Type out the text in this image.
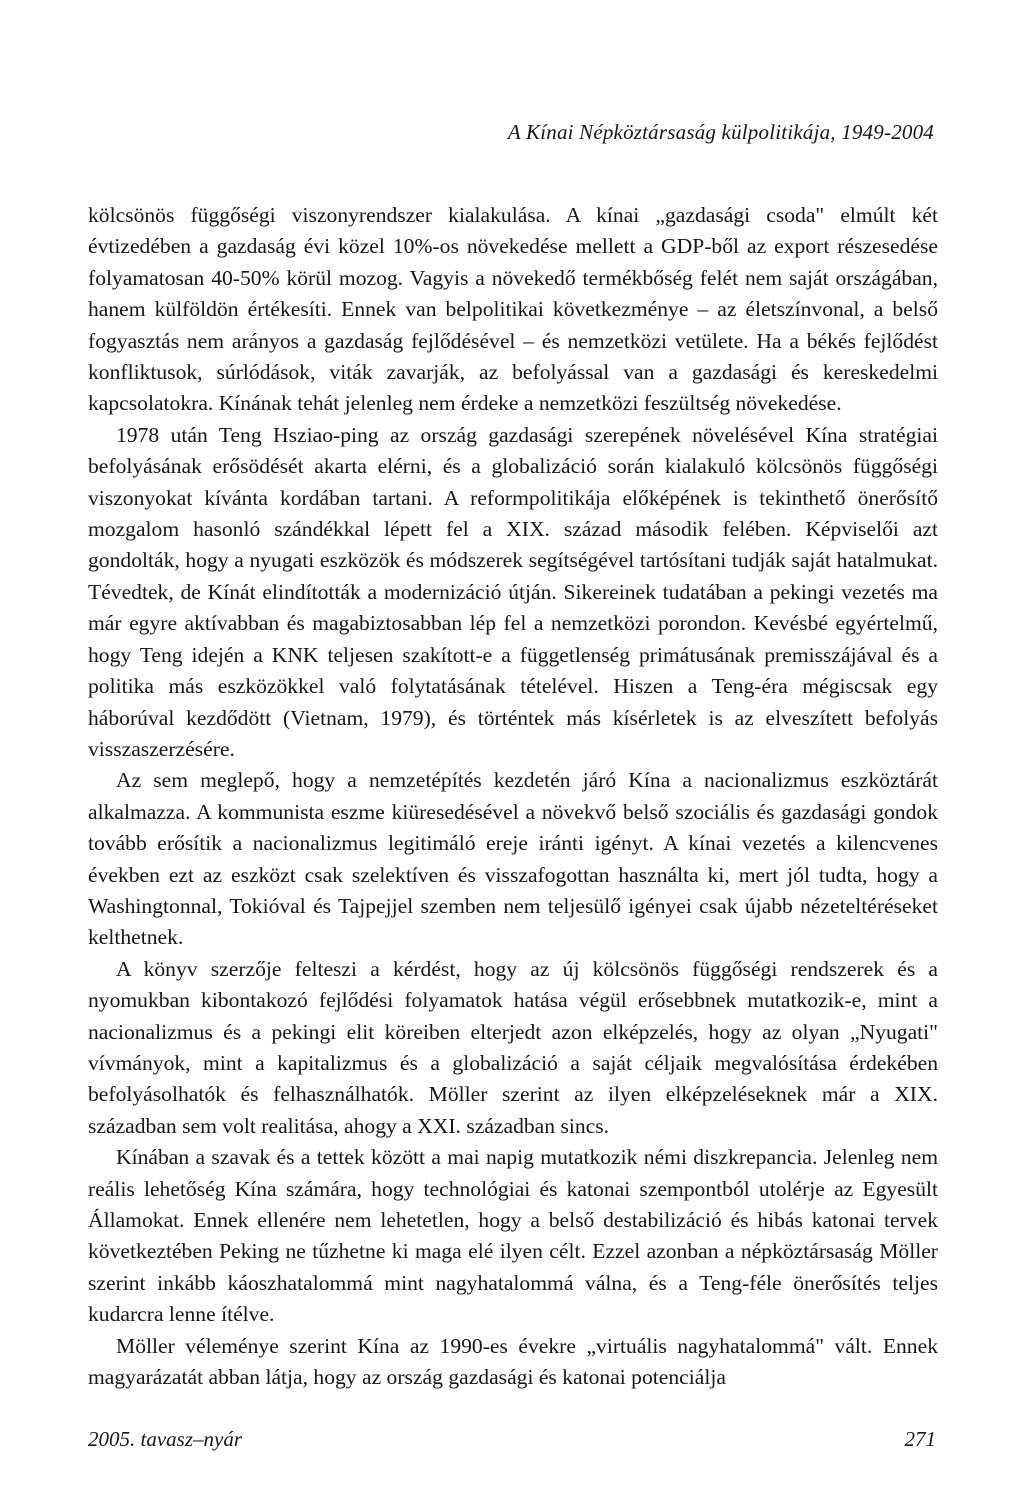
A Kínai Népköztársaság külpolitikája, 1949-2004

kölcsönös függőségi viszonyrendszer kialakulása. A kínai „gazdasági csoda" elmúlt két évtizedében a gazdaság évi közel 10%-os növekedése mellett a GDP-ből az export részesedése folyamatosan 40-50% körül mozog. Vagyis a növekedő termékbőség felét nem saját országában, hanem külföldön értékesíti. Ennek van belpolitikai következménye – az életszínvonal, a belső fogyasztás nem arányos a gazdaság fejlődésével – és nemzetközi vetülete. Ha a békés fejlődést konfliktusok, súrlódások, viták zavarják, az befolyással van a gazdasági és kereskedelmi kapcsolatokra. Kínának tehát jelenleg nem érdeke a nemzetközi feszültség növekedése.

1978 után Teng Hsziao-ping az ország gazdasági szerepének növelésével Kína stratégiai befolyásának erősödését akarta elérni, és a globalizáció során kialakuló kölcsönös függőségi viszonyokat kívánta kordában tartani. A reformpolitikája előképének is tekinthető önerősítő mozgalom hasonló szándékkal lépett fel a XIX. század második felében. Képviselői azt gondolták, hogy a nyugati eszközök és módszerek segítségével tartósítani tudják saját hatalmukat. Tévedtek, de Kínát elindították a modernizáció útján. Sikereinek tudatában a pekingi vezetés ma már egyre aktívabban és magabiztosabban lép fel a nemzetközi porondon. Kevésbé egyértelmű, hogy Teng idején a KNK teljesen szakított-e a függetlenség primátusának premisszájával és a politika más eszközökkel való folytatásának tételével. Hiszen a Teng-éra mégiscsak egy háborúval kezdődött (Vietnam, 1979), és történtek más kísérletek is az elveszített befolyás visszaszerzésére.

Az sem meglepő, hogy a nemzetépítés kezdetén járó Kína a nacionalizmus eszköztárát alkalmazza. A kommunista eszme kiüresedésével a növekvő belső szociális és gazdasági gondok tovább erősítik a nacionalizmus legitimáló ereje iránti igényt. A kínai vezetés a kilencvenes években ezt az eszközt csak szelektíven és visszafogottan használta ki, mert jól tudta, hogy a Washingtonnal, Tokióval és Tajpejjel szemben nem teljesülő igényei csak újabb nézeteltéréseket kelthetnek.

A könyv szerzője felteszi a kérdést, hogy az új kölcsönös függőségi rendszerek és a nyomukban kibontakozó fejlődési folyamatok hatása végül erősebbnek mutatkozik-e, mint a nacionalizmus és a pekingi elit köreiben elterjedt azon elképzelés, hogy az olyan „Nyugati" vívmányok, mint a kapitalizmus és a globalizáció a saját céljaik megvalósítása érdekében befolyásolhatók és felhasználhatók. Möller szerint az ilyen elképzeléseknek már a XIX. században sem volt realitása, ahogy a XXI. században sincs.

Kínában a szavak és a tettek között a mai napig mutatkozik némi diszkrepancia. Jelenleg nem reális lehetőség Kína számára, hogy technológiai és katonai szempontból utolérje az Egyesült Államokat. Ennek ellenére nem lehetetlen, hogy a belső destabilizáció és hibás katonai tervek következtében Peking ne tűzhetne ki maga elé ilyen célt. Ezzel azonban a népköztársaság Möller szerint inkább káoszhatalommá mint nagyhatalommá válna, és a Teng-féle önerősítés teljes kudarcra lenne ítélve.

Möller véleménye szerint Kína az 1990-es évekre „virtuális nagyhatalommá" vált. Ennek magyarázatát abban látja, hogy az ország gazdasági és katonai potenciálja

2005. tavasz–nyár	271
